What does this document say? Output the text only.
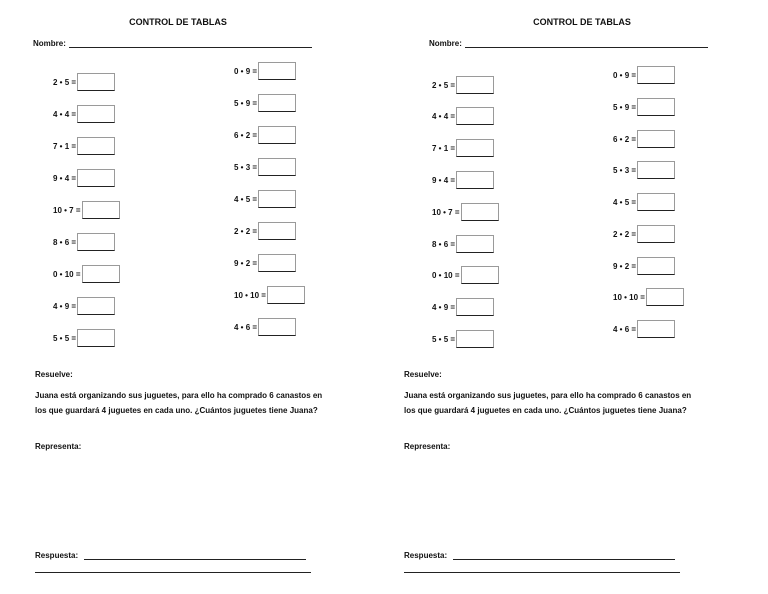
CONTROL DE TABLAS
Nombre:
2 • 5 =
4 • 4 =
7 • 1 =
9 • 4 =
10 • 7 =
8 • 6 =
0 • 10 =
4 • 9 =
5 • 5 =
0 • 9 =
5 • 9 =
6 • 2 =
5 • 3 =
4 • 5 =
2 • 2 =
9 • 2 =
10 • 10 =
4 • 6 =
Resuelve:
Juana está organizando sus juguetes, para ello ha comprado 6 canastos en los que guardará 4 juguetes en cada uno. ¿Cuántos juguetes tiene Juana?
Representa:
Respuesta:
CONTROL DE TABLAS
Nombre:
2 • 5 =
4 • 4 =
7 • 1 =
9 • 4 =
10 • 7 =
8 • 6 =
0 • 10 =
4 • 9 =
5 • 5 =
0 • 9 =
5 • 9 =
6 • 2 =
5 • 3 =
4 • 5 =
2 • 2 =
9 • 2 =
10 • 10 =
4 • 6 =
Resuelve:
Juana está organizando sus juguetes, para ello ha comprado 6 canastos en los que guardará 4 juguetes en cada uno. ¿Cuántos juguetes tiene Juana?
Representa:
Respuesta:
